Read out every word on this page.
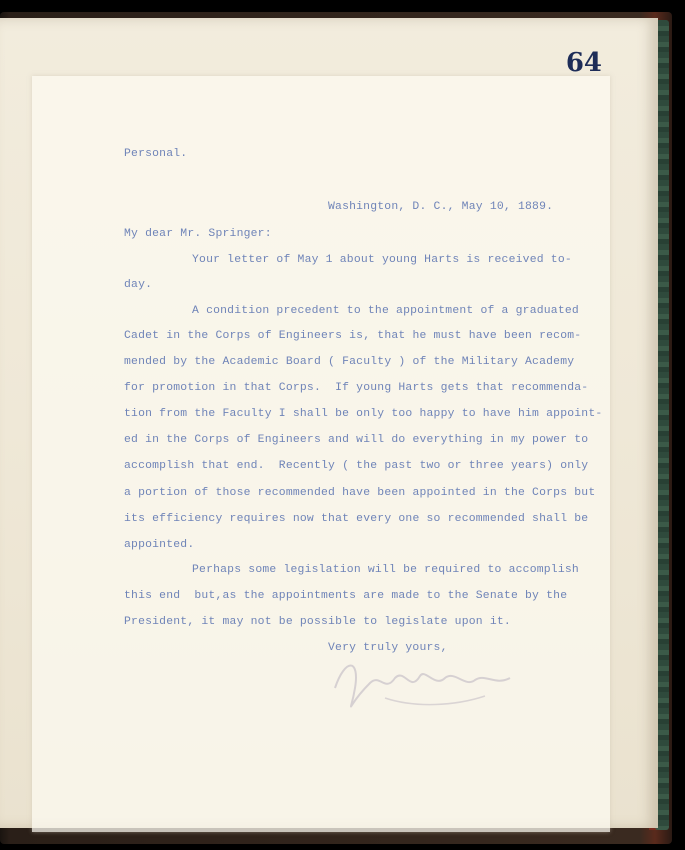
64
Personal.
Washington, D. C., May 10, 1889.
My dear Mr. Springer:
Your letter of May 1 about young Harts is received to-
day.
A condition precedent to the appointment of a graduated
Cadet in the Corps of Engineers is, that he must have been recom-
mended by the Academic Board ( Faculty ) of the Military Academy
for promotion in that Corps.  If young Harts gets that recommenda-
tion from the Faculty I shall be only too happy to have him appoint-
ed in the Corps of Engineers and will do everything in my power to
accomplish that end.  Recently ( the past two or three years) only
a portion of those recommended have been appointed in the Corps but
its efficiency requires now that every one so recommended shall be
appointed.
Perhaps some legislation will be required to accomplish
this end  but,as the appointments are made to the Senate by the
President, it may not be possible to legislate upon it.
Very truly yours,
